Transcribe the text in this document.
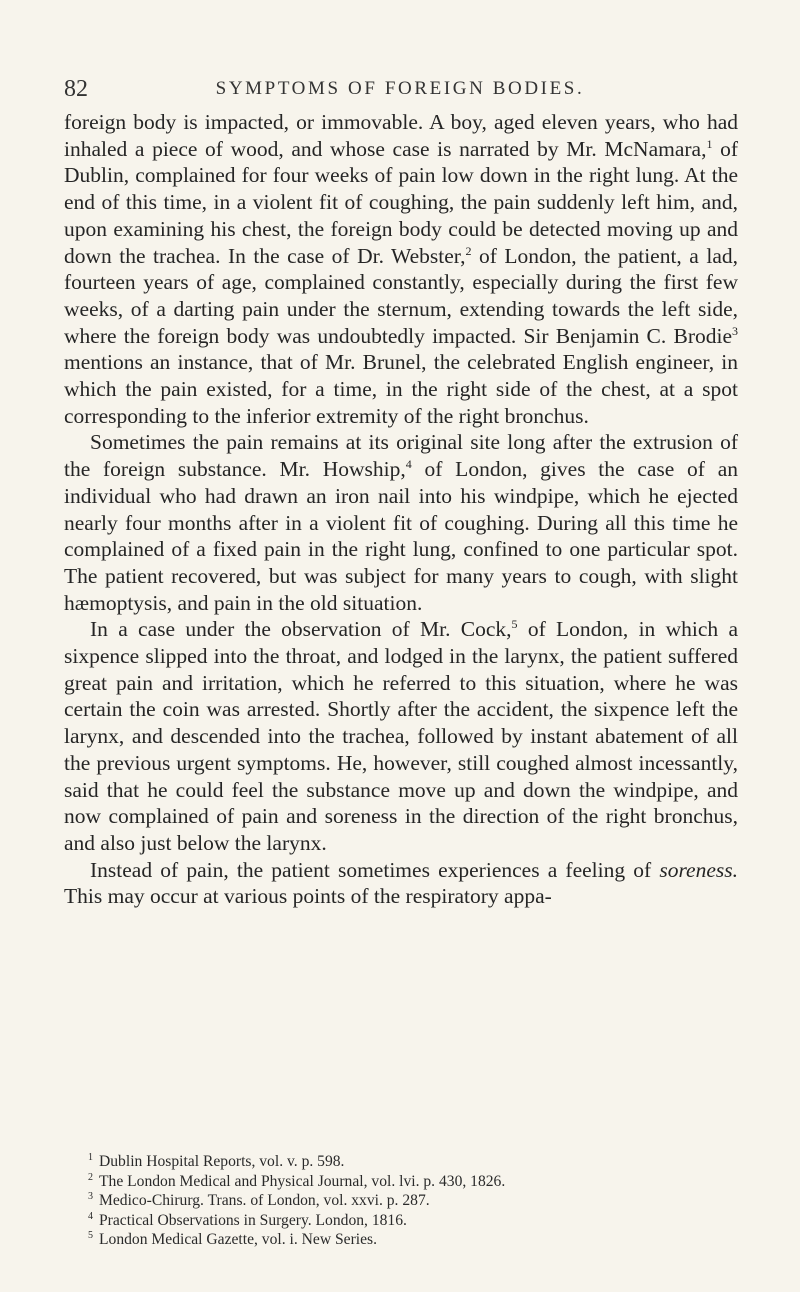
82	SYMPTOMS OF FOREIGN BODIES.

foreign body is impacted, or immovable. A boy, aged eleven years, who had inhaled a piece of wood, and whose case is narrated by Mr. McNamara,$^1$ of Dublin, complained for four weeks of pain low down in the right lung. At the end of this time, in a violent fit of coughing, the pain suddenly left him, and, upon examining his chest, the foreign body could be detected moving up and down the trachea. In the case of Dr. Webster,$^2$ of London, the patient, a lad, fourteen years of age, complained constantly, especially during the first few weeks, of a darting pain under the sternum, extending towards the left side, where the foreign body was undoubtedly impacted. Sir Benjamin C. Brodie$^3$ mentions an instance, that of Mr. Brunel, the celebrated English engineer, in which the pain existed, for a time, in the right side of the chest, at a spot corresponding to the inferior extremity of the right bronchus.

Sometimes the pain remains at its original site long after the extrusion of the foreign substance. Mr. Howship,$^4$ of London, gives the case of an individual who had drawn an iron nail into his windpipe, which he ejected nearly four months after in a violent fit of coughing. During all this time he complained of a fixed pain in the right lung, confined to one particular spot. The patient recovered, but was subject for many years to cough, with slight hæmoptysis, and pain in the old situation.

In a case under the observation of Mr. Cock,$^5$ of London, in which a sixpence slipped into the throat, and lodged in the larynx, the patient suffered great pain and irritation, which he referred to this situation, where he was certain the coin was arrested. Shortly after the accident, the sixpence left the larynx, and descended into the trachea, followed by instant abatement of all the previous urgent symptoms. He, however, still coughed almost incessantly, said that he could feel the substance move up and down the windpipe, and now complained of pain and soreness in the direction of the right bronchus, and also just below the larynx.

Instead of pain, the patient sometimes experiences a feeling of soreness. This may occur at various points of the respiratory appa-

$^1$ Dublin Hospital Reports, vol. v. p. 598.
$^2$ The London Medical and Physical Journal, vol. lvi. p. 430, 1826.
$^3$ Medico-Chirurg. Trans. of London, vol. xxvi. p. 287.
$^4$ Practical Observations in Surgery. London, 1816.
$^5$ London Medical Gazette, vol. i. New Series.
